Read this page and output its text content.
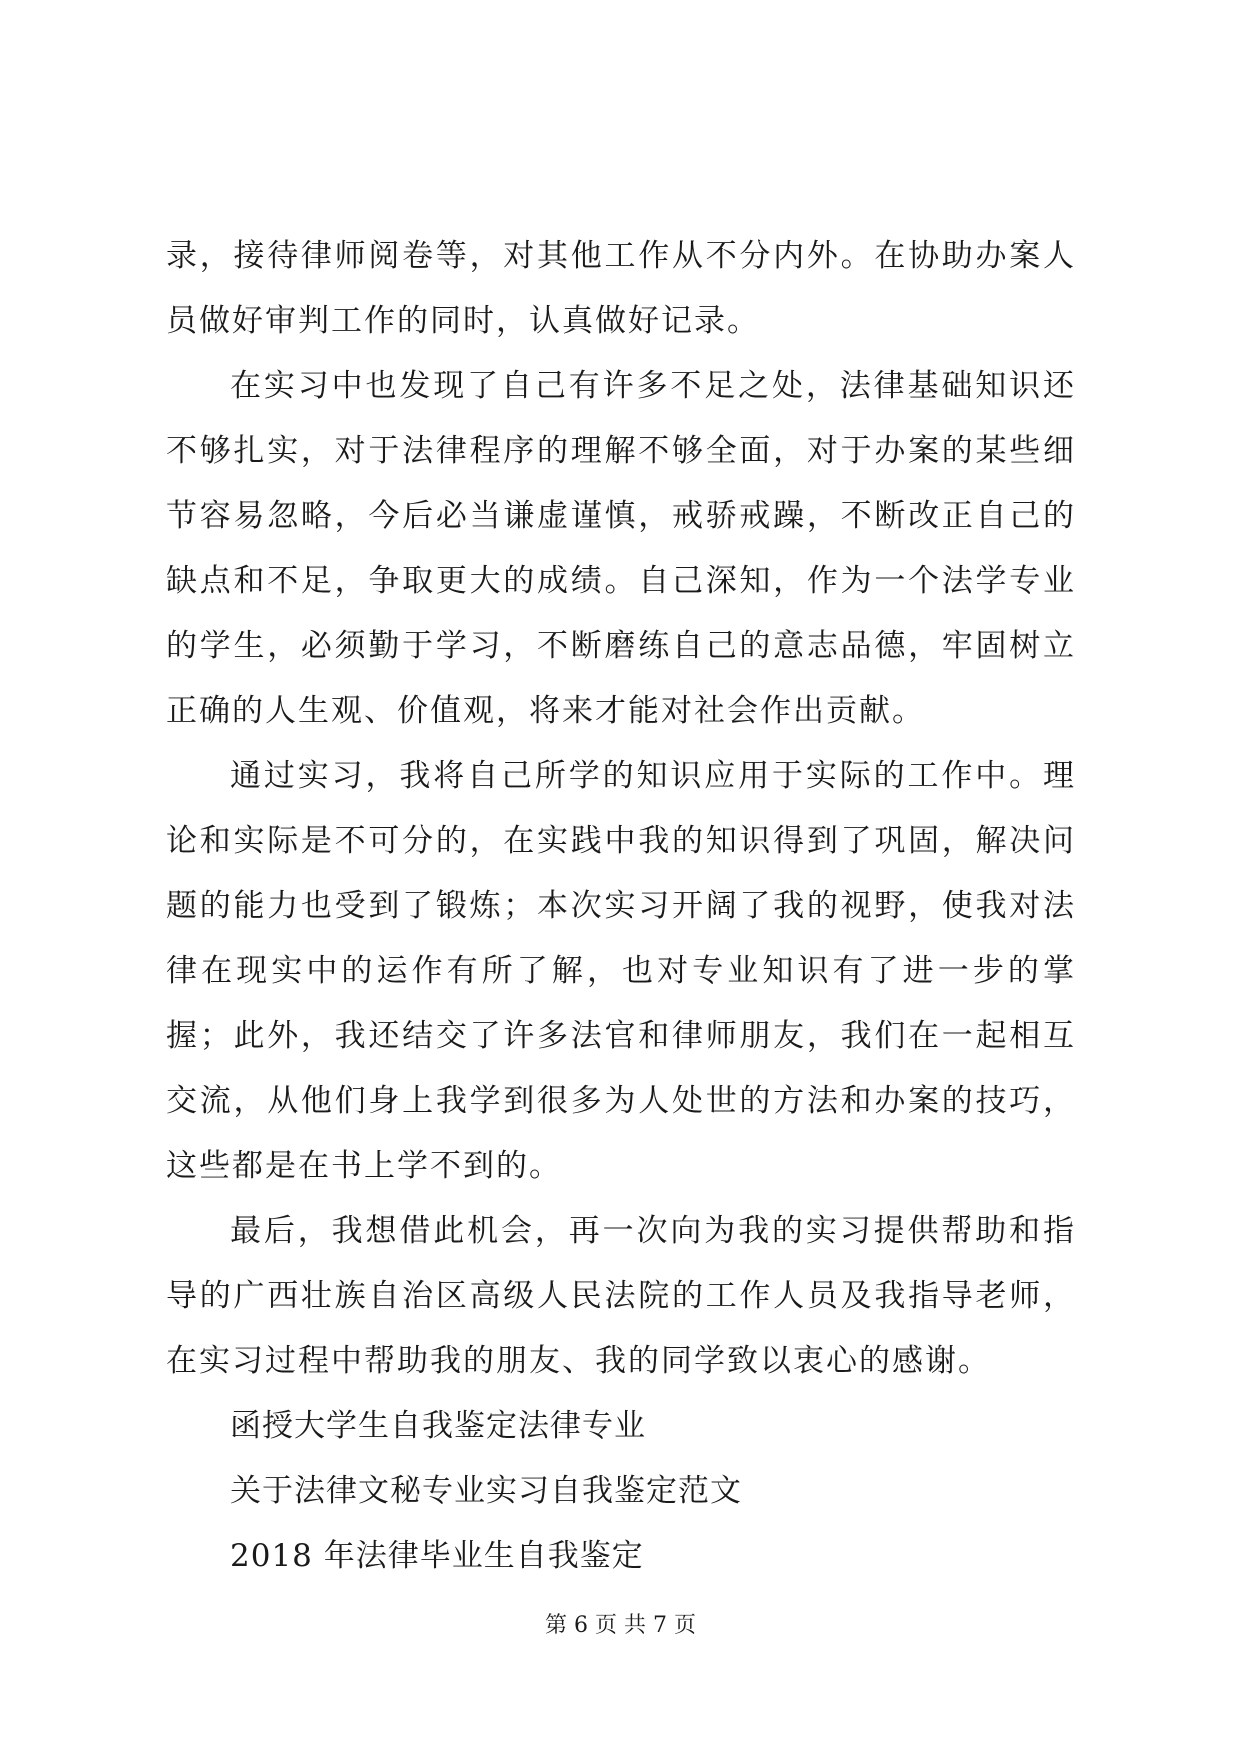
录，接待律师阅卷等，对其他工作从不分内外。在协助办案人员做好审判工作的同时，认真做好记录。

在实习中也发现了自己有许多不足之处，法律基础知识还不够扎实，对于法律程序的理解不够全面，对于办案的某些细节容易忽略，今后必当谦虚谨慎，戒骄戒躁，不断改正自己的缺点和不足，争取更大的成绩。自己深知，作为一个法学专业的学生，必须勤于学习，不断磨练自己的意志品德，牢固树立正确的人生观、价值观，将来才能对社会作出贡献。

通过实习，我将自己所学的知识应用于实际的工作中。理论和实际是不可分的，在实践中我的知识得到了巩固，解决问题的能力也受到了锻炼；本次实习开阔了我的视野，使我对法律在现实中的运作有所了解，也对专业知识有了进一步的掌握；此外，我还结交了许多法官和律师朋友，我们在一起相互交流，从他们身上我学到很多为人处世的方法和办案的技巧，这些都是在书上学不到的。

最后，我想借此机会，再一次向为我的实习提供帮助和指导的广西壮族自治区高级人民法院的工作人员及我指导老师，在实习过程中帮助我的朋友、我的同学致以衷心的感谢。

函授大学生自我鉴定法律专业

关于法律文秘专业实习自我鉴定范文

2018 年法律毕业生自我鉴定

第 6 页 共 7 页
